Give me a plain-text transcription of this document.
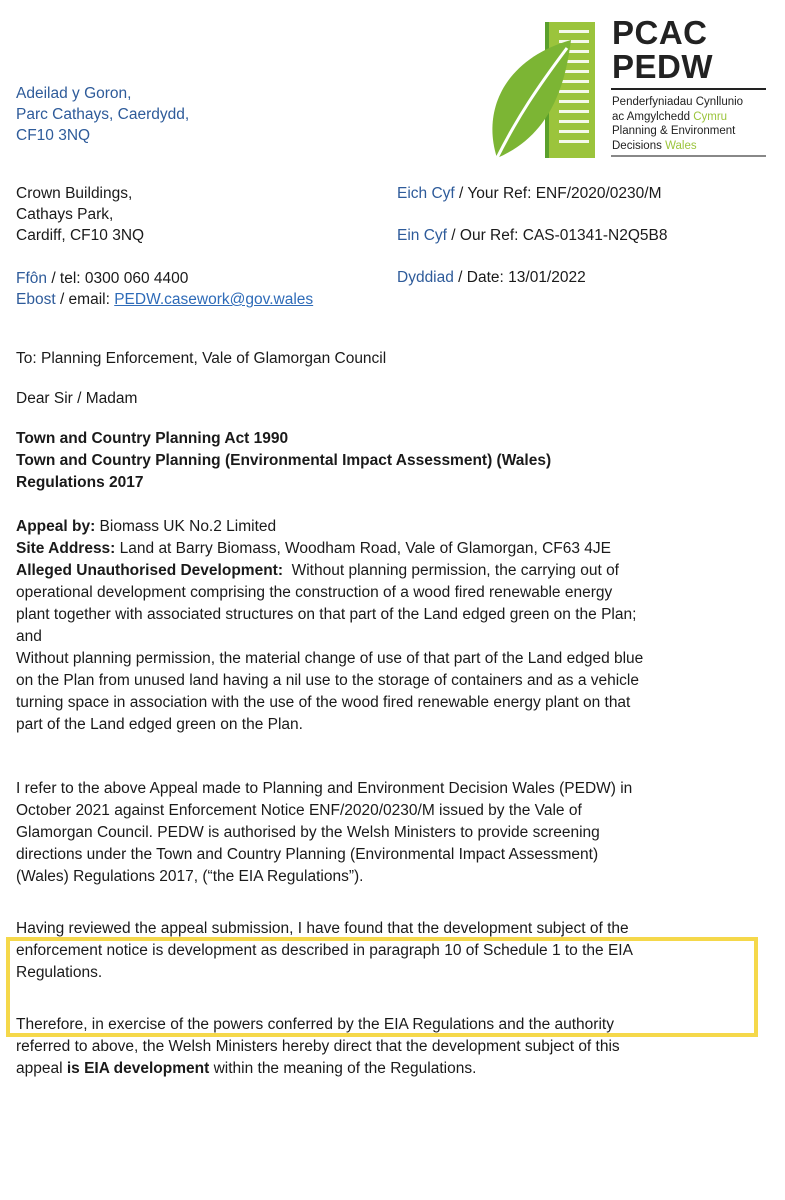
Adeilad y Goron,
Parc Cathays, Caerdydd,
CF10 3NQ
Crown Buildings,
Cathays Park,
Cardiff, CF10 3NQ
Ffôn / tel: 0300 060 4400
Ebost / email: PEDW.casework@gov.wales
Eich Cyf / Your Ref: ENF/2020/0230/M
Ein Cyf / Our Ref: CAS-01341-N2Q5B8
Dyddiad / Date: 13/01/2022
PCAC
PEDW
Penderfyniadau Cynllunio
ac Amgylchedd Cymru
Planning & Environment
Decisions Wales

To: Planning Enforcement, Vale of Glamorgan Council

Dear Sir / Madam

Town and Country Planning Act 1990

Town and Country Planning (Environmental Impact Assessment) (Wales)

Regulations 2017

Appeal by: Biomass UK No.2 Limited

Site Address: Land at Barry Biomass, Woodham Road, Vale of Glamorgan, CF63 4JE

Alleged Unauthorised Development:  Without planning permission, the carrying out of

operational development comprising the construction of a wood fired renewable energy

plant together with associated structures on that part of the Land edged green on the Plan;

and

Without planning permission, the material change of use of that part of the Land edged blue

on the Plan from unused land having a nil use to the storage of containers and as a vehicle

turning space in association with the use of the wood fired renewable energy plant on that

part of the Land edged green on the Plan.

I refer to the above Appeal made to Planning and Environment Decision Wales (PEDW) in

October 2021 against Enforcement Notice ENF/2020/0230/M issued by the Vale of

Glamorgan Council. PEDW is authorised by the Welsh Ministers to provide screening

directions under the Town and Country Planning (Environmental Impact Assessment)

(Wales) Regulations 2017, (“the EIA Regulations”).

Having reviewed the appeal submission, I have found that the development subject of the

enforcement notice is development as described in paragraph 10 of Schedule 1 to the EIA

Regulations.

Therefore, in exercise of the powers conferred by the EIA Regulations and the authority

referred to above, the Welsh Ministers hereby direct that the development subject of this

appeal is EIA development within the meaning of the Regulations.
